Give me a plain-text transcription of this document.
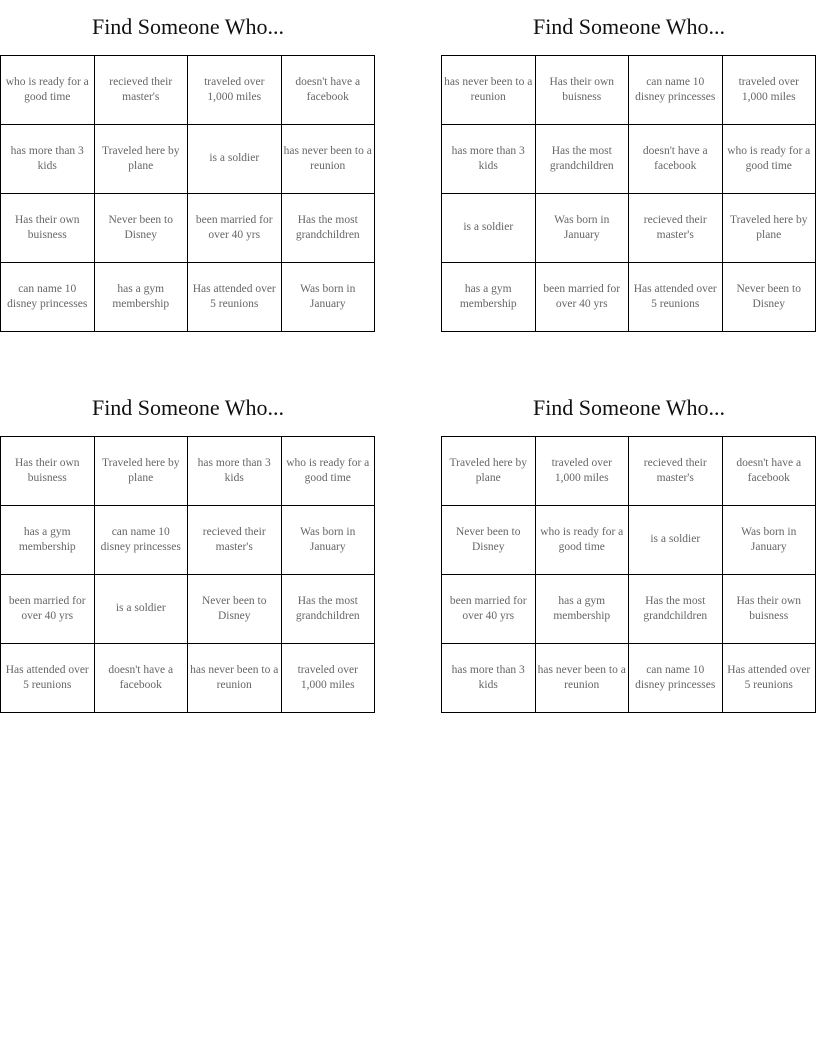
Find Someone Who...
who is ready for a good time	recieved their master's	traveled over 1,000 miles	doesn't have a facebook
has more than 3 kids	Traveled here by plane	is a soldier	has never been to a reunion
Has their own buisness	Never been to Disney	been married for over 40 yrs	Has the most grandchildren
can name 10 disney princesses	has a gym membership	Has attended over 5 reunions	Was born in January
Find Someone Who...
has never been to a reunion	Has their own buisness	can name 10 disney princesses	traveled over 1,000 miles
has more than 3 kids	Has the most grandchildren	doesn't have a facebook	who is ready for a good time
is a soldier	Was born in January	recieved their master's	Traveled here by plane
has a gym membership	been married for over 40 yrs	Has attended over 5 reunions	Never been to Disney
Find Someone Who...
Has their own buisness	Traveled here by plane	has more than 3 kids	who is ready for a good time
has a gym membership	can name 10 disney princesses	recieved their master's	Was born in January
been married for over 40 yrs	is a soldier	Never been to Disney	Has the most grandchildren
Has attended over 5 reunions	doesn't have a facebook	has never been to a reunion	traveled over 1,000 miles
Find Someone Who...
Traveled here by plane	traveled over 1,000 miles	recieved their master's	doesn't have a facebook
Never been to Disney	who is ready for a good time	is a soldier	Was born in January
been married for over 40 yrs	has a gym membership	Has the most grandchildren	Has their own buisness
has more than 3 kids	has never been to a reunion	can name 10 disney princesses	Has attended over 5 reunions
